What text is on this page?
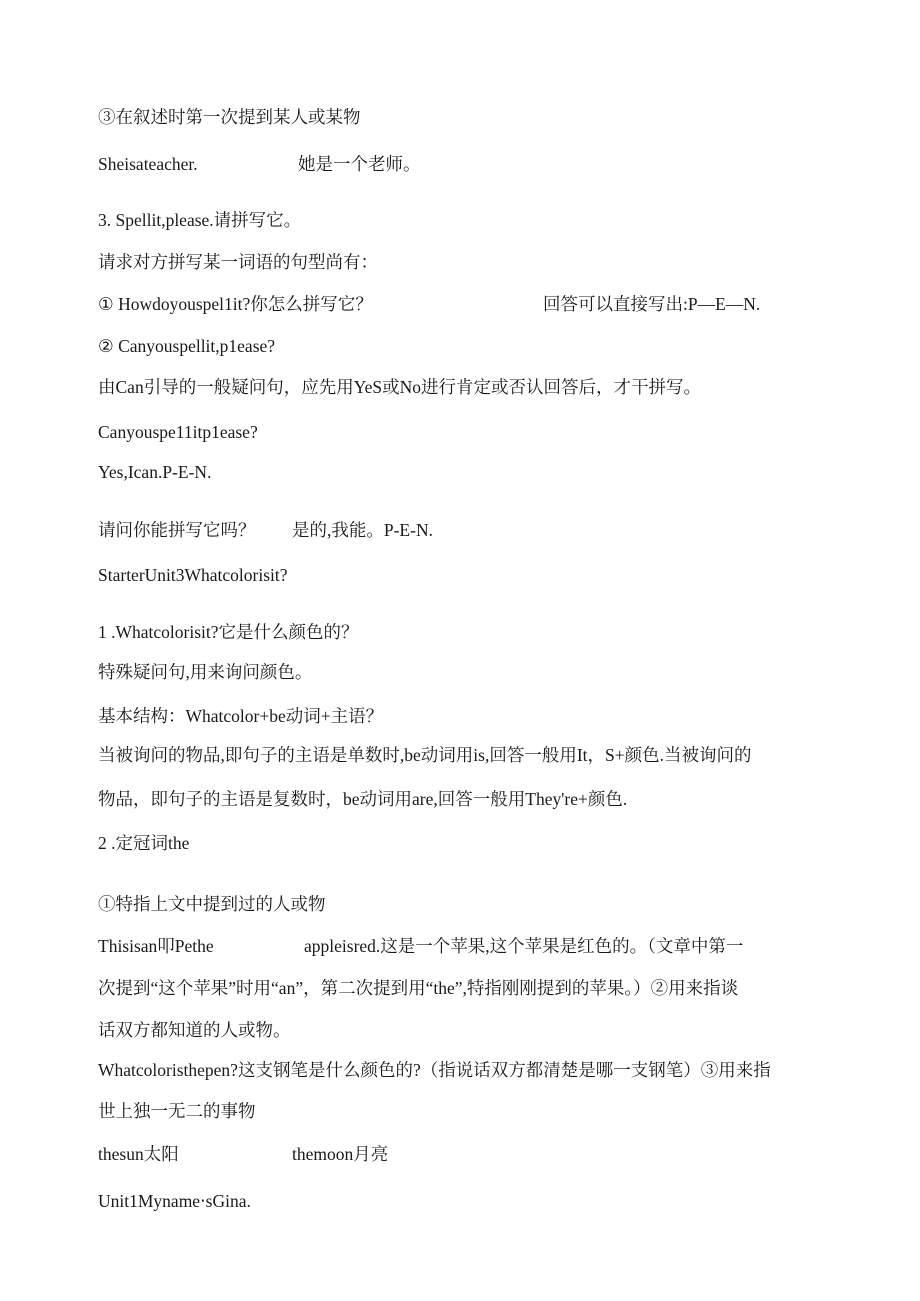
③在叙述时第一次提到某人或某物
Sheisateacher.	她是一个老师。
3. Spellit,please.请拼写它。
请求对方拼写某一词语的句型尚有：
① Howdoyouspel1it?你怎么拼写它？	回答可以直接写出:P—E—N.
② Canyouspellit,p1ease?
由Can引导的一般疑问句，应先用YeS或No进行肯定或否认回答后，才干拼写。
Canyouspe11itp1ease?
Yes,Ican.P-E-N.
请问你能拼写它吗？ 是的,我能。P-E-N.
StarterUnit3Whatcolorisit?
1 .Whatcolorisit?它是什么颜色的？
特殊疑问句,用来询问颜色。
基本结构：Whatcolor+be动词+主语？
当被询问的物品,即句子的主语是单数时,be动词用is,回答一般用It，S+颜色.当被询问的
物品，即句子的主语是复数时，be动词用are,回答一般用They're+颜色.
2 .定冠词the
①特指上文中提到过的人或物
Thisisan叩Pethe	appleisred.这是一个苹果,这个苹果是红色的。（文章中第一
次提到“这个苹果”时用“an”，第二次提到用“the”,特指刚刚提到的苹果。）②用来指谈
话双方都知道的人或物。
Whatcoloristhepen?这支钢笔是什么颜色的?（指说话双方都清楚是哪一支钢笔）③用来指
世上独一无二的事物
thesun太阳	themoon月亮
Unit1Myname‧sGina.
